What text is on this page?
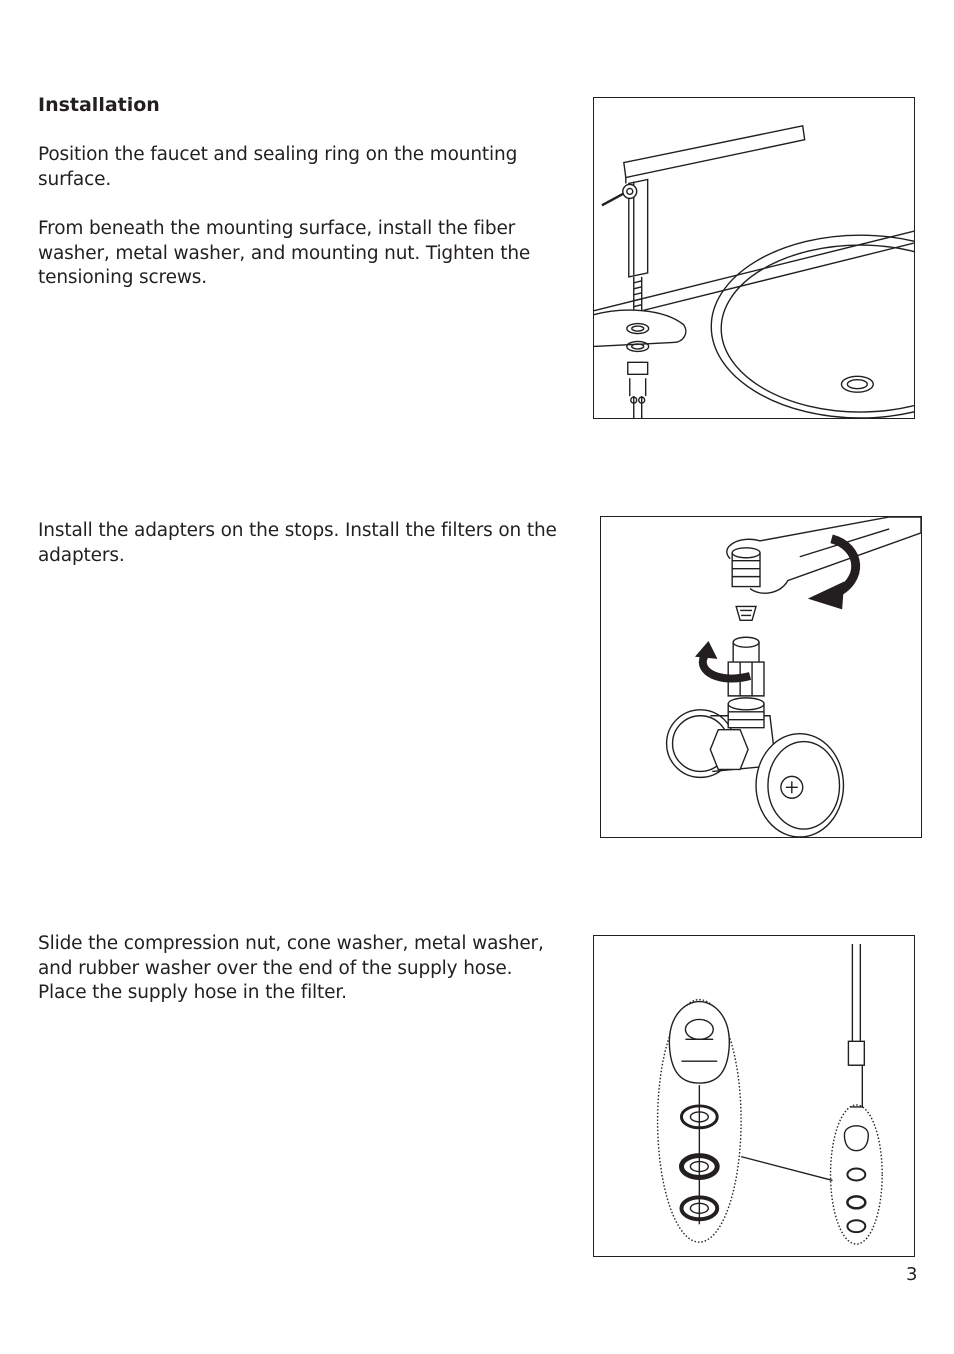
Installation

Position the faucet and sealing ring on the mounting surface.

From beneath the mounting surface, install the fiber washer, metal washer, and mounting nut. Tighten the tensioning screws.

Install the adapters on the stops. Install the filters on the adapters.

Slide the compression nut, cone washer, metal washer, and rubber washer over the end of the supply hose. Place the supply hose in the filter.

3
